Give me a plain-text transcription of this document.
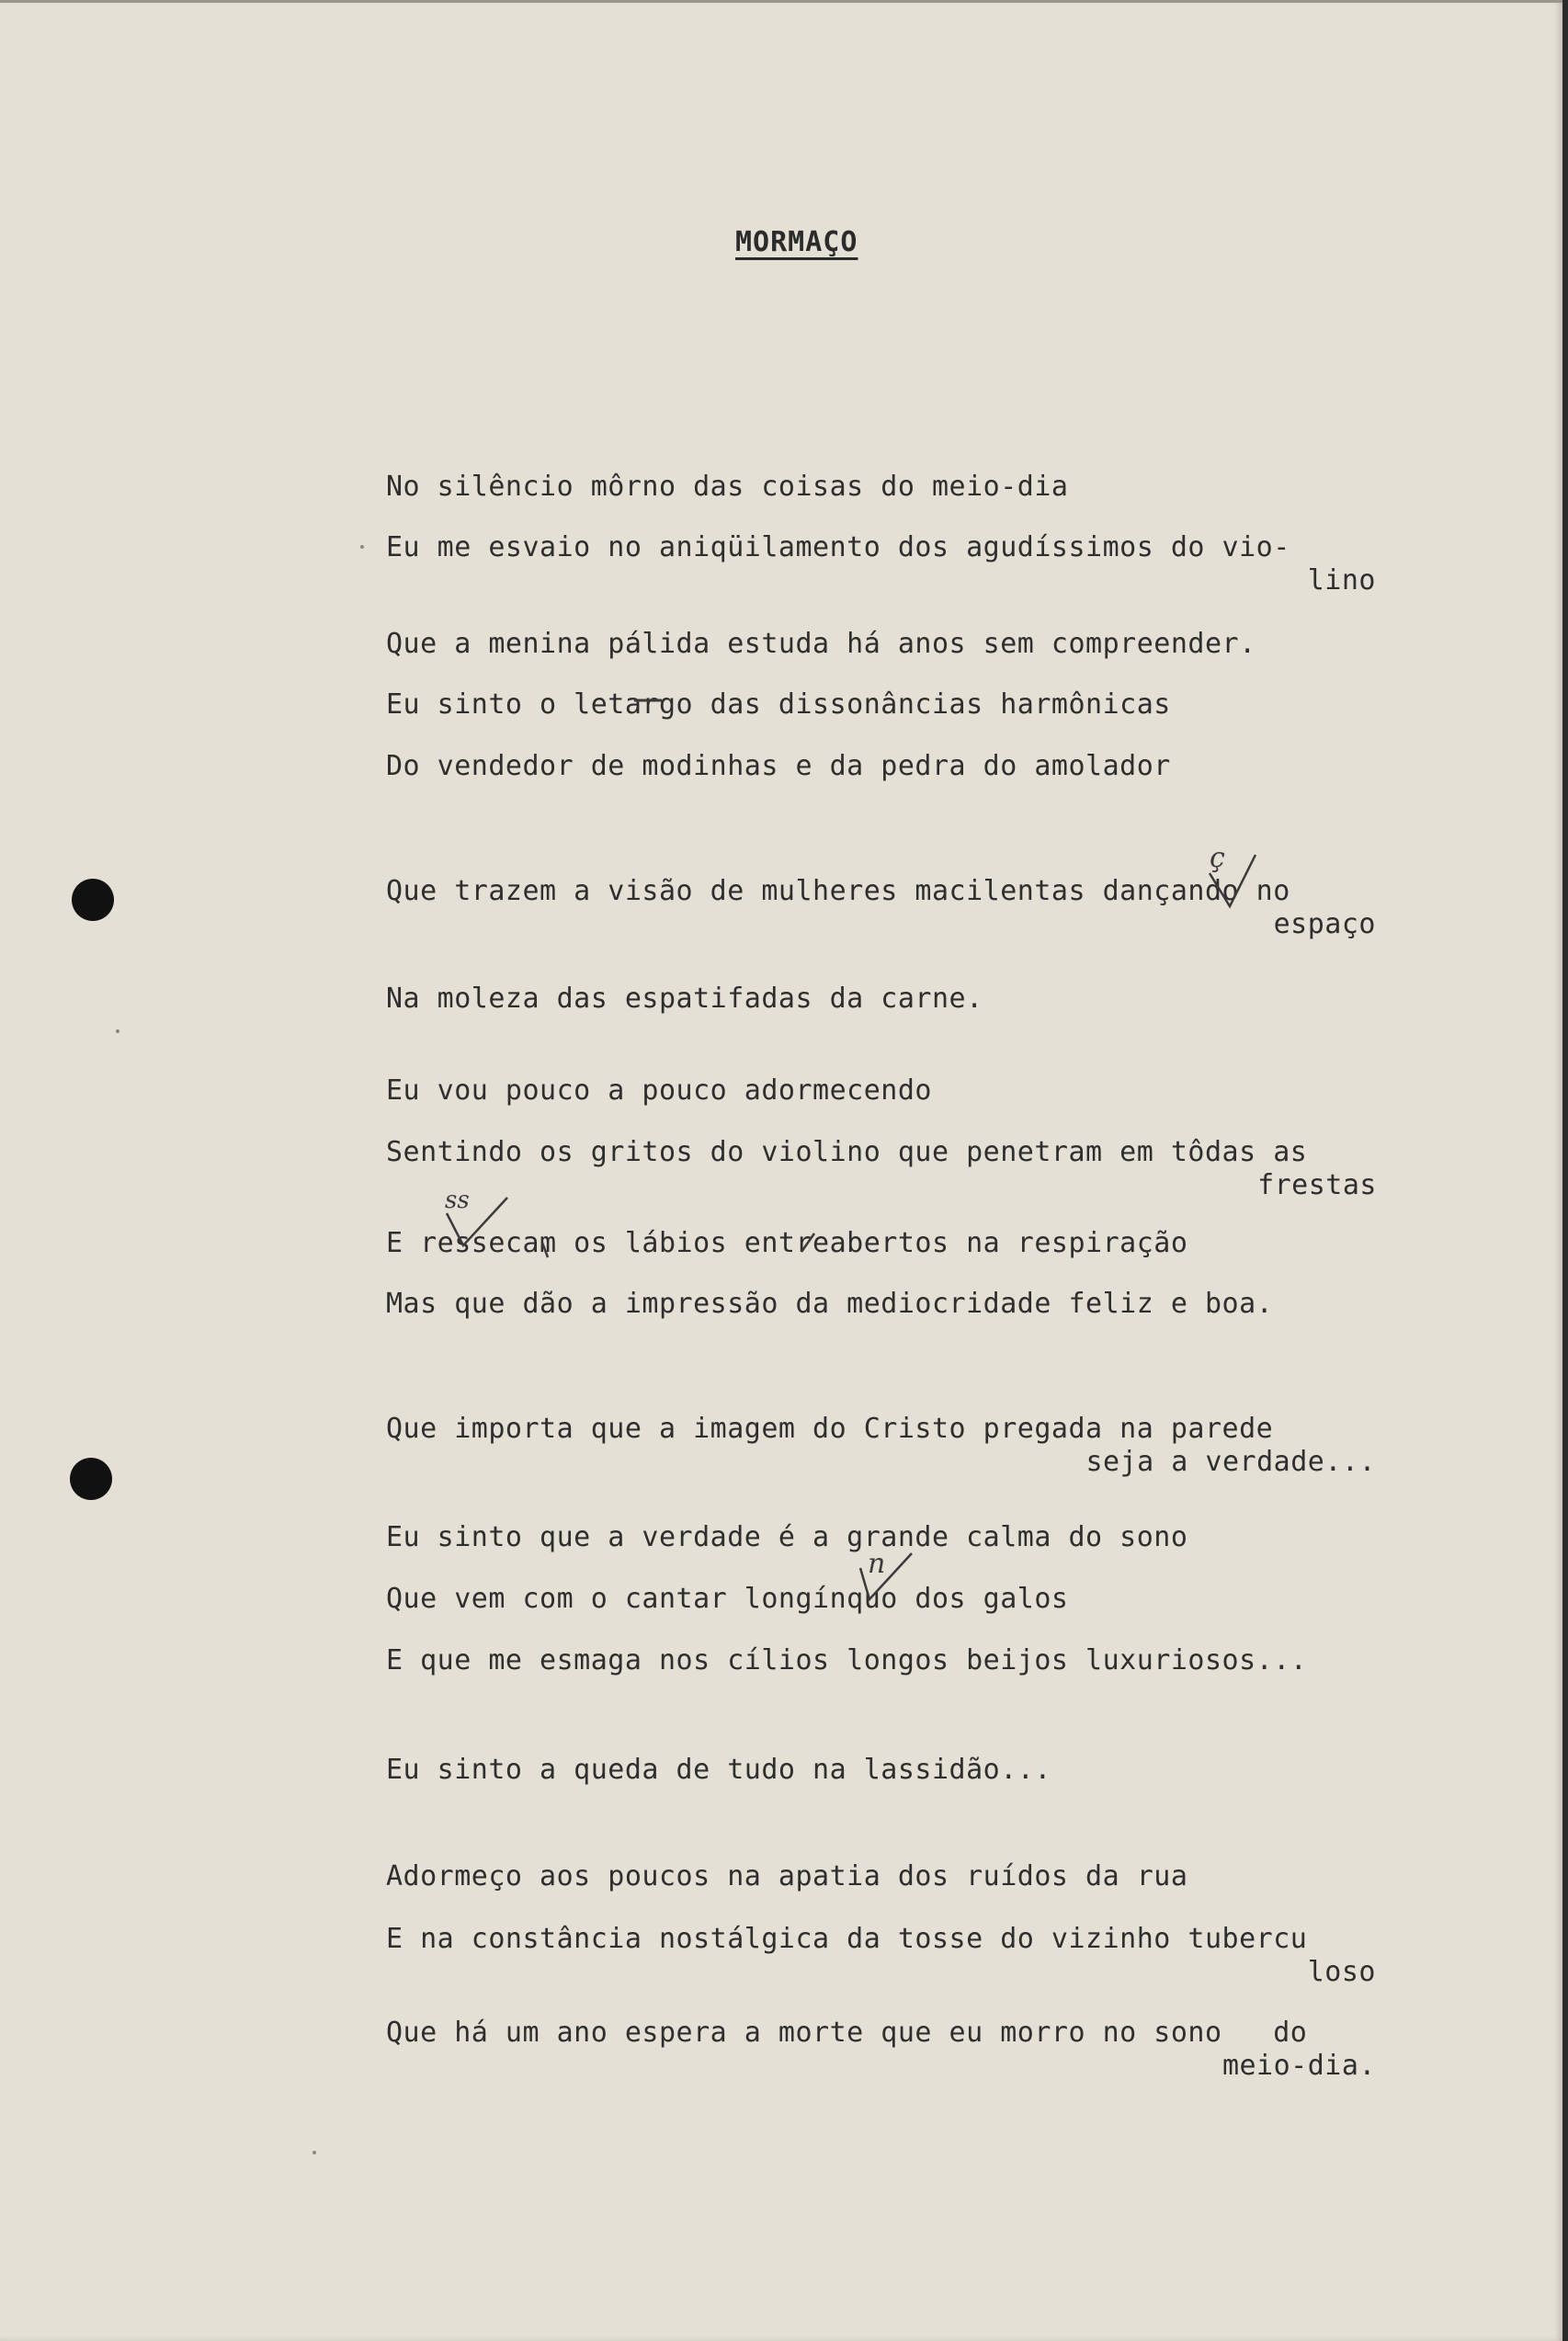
MORMAÇO
No silêncio môrno das coisas do meio-dia
Eu me esvaio no aniqüilamento dos agudíssimos do vio-
lino
Que a menina pálida estuda há anos sem compreender.
Eu sinto o letargo das dissonâncias harmônicas
Do vendedor de modinhas e da pedra do amolador
Que trazem a visão de mulheres macilentas dançando no
espaço
Na moleza das espatifadas da carne.
Eu vou pouco a pouco adormecendo
Sentindo os gritos do violino que penetram em tôdas as
frestas
E ressecam os lábios entreabertos na respiração
Mas que dão a impressão da mediocridade feliz e boa.
Que importa que a imagem do Cristo pregada na parede
seja a verdade...
Eu sinto que a verdade é a grande calma do sono
Que vem com o cantar longínquo dos galos
E que me esmaga nos cílios longos beijos luxuriosos...
Eu sinto a queda de tudo na lassidão...
Adormeço aos poucos na apatia dos ruídos da rua
E na constância nostálgica da tosse do vizinho tubercu
loso
Que há um ano espera a morte que eu morro no sono   do
meio-dia.
ç
ss
n
